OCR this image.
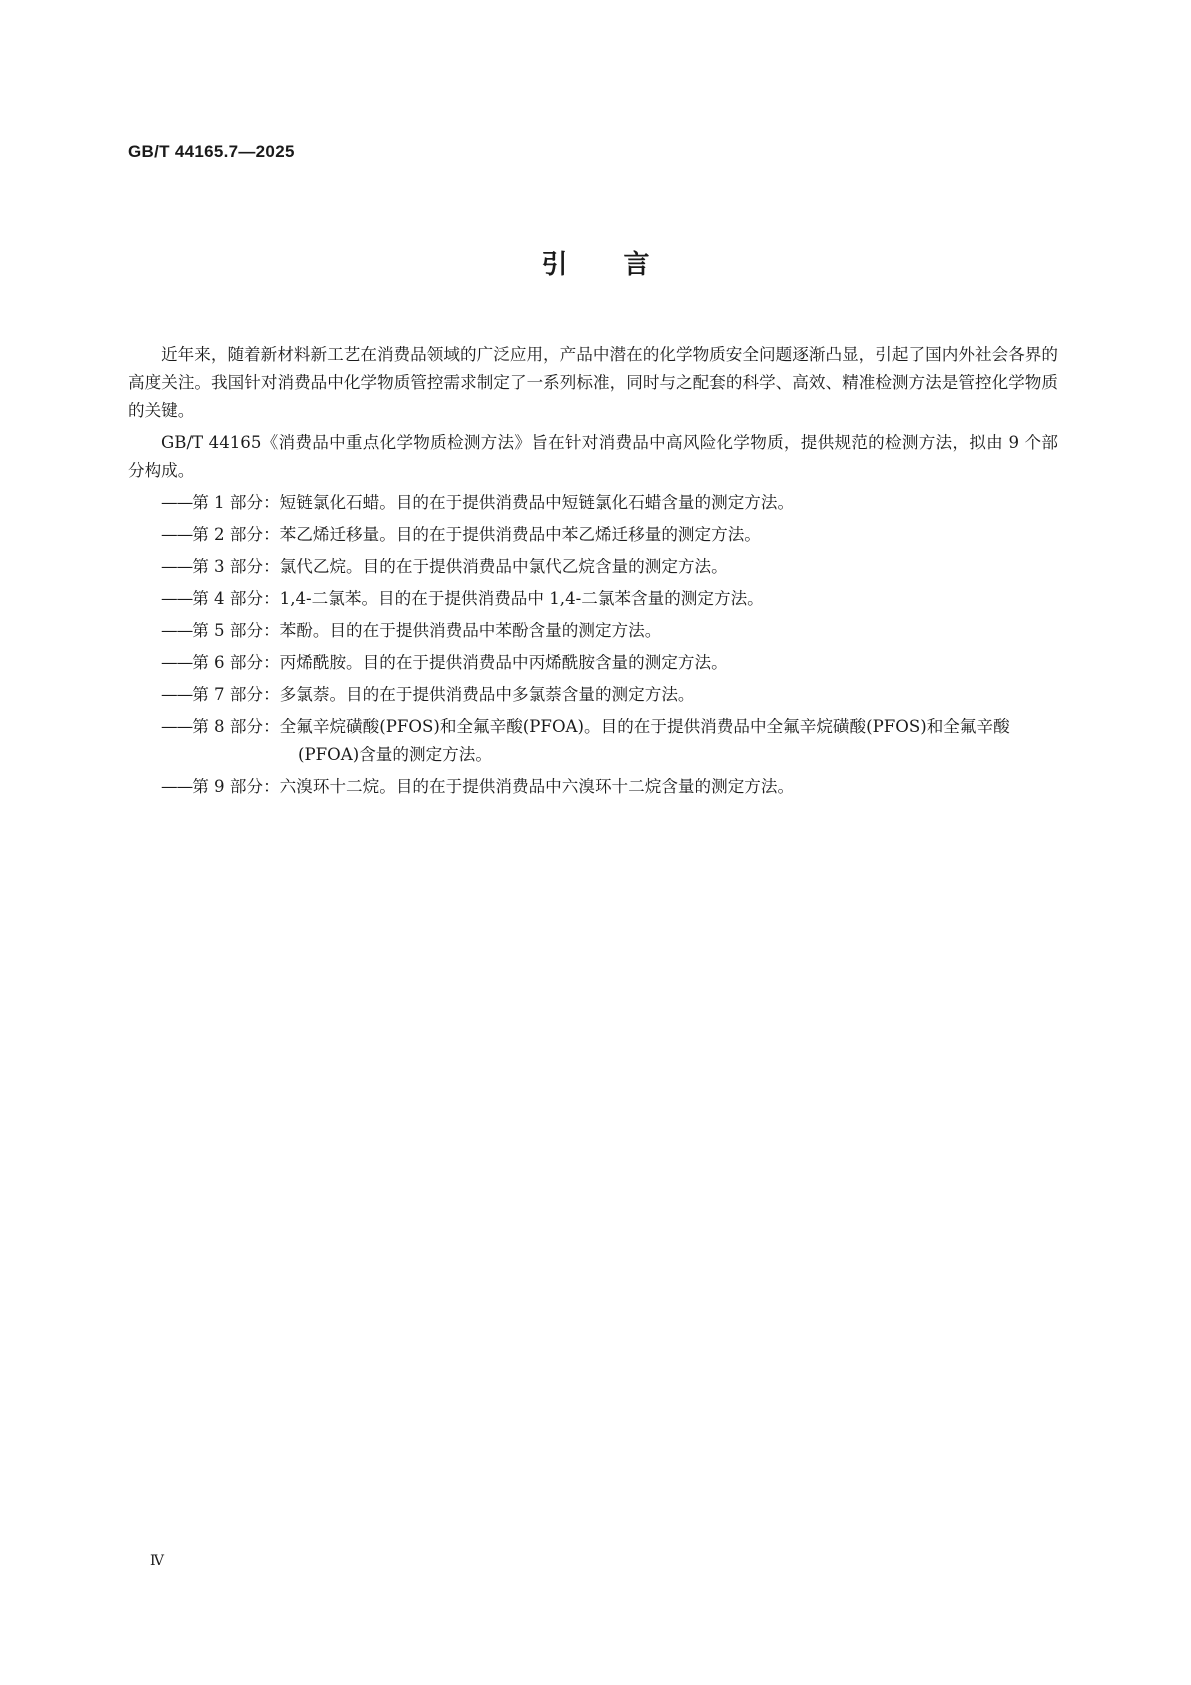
GB/T 44165.7—2025
引言

近年来，随着新材料新工艺在消费品领域的广泛应用，产品中潜在的化学物质安全问题逐渐凸显，引起了国内外社会各界的高度关注。我国针对消费品中化学物质管控需求制定了一系列标准，同时与之配套的科学、高效、精准检测方法是管控化学物质的关键。

GB/T 44165《消费品中重点化学物质检测方法》旨在针对消费品中高风险化学物质，提供规范的检测方法，拟由 9 个部分构成。

——第 1 部分：短链氯化石蜡。目的在于提供消费品中短链氯化石蜡含量的测定方法。

——第 2 部分：苯乙烯迁移量。目的在于提供消费品中苯乙烯迁移量的测定方法。

——第 3 部分：氯代乙烷。目的在于提供消费品中氯代乙烷含量的测定方法。

——第 4 部分：1,4-二氯苯。目的在于提供消费品中 1,4-二氯苯含量的测定方法。

——第 5 部分：苯酚。目的在于提供消费品中苯酚含量的测定方法。

——第 6 部分：丙烯酰胺。目的在于提供消费品中丙烯酰胺含量的测定方法。

——第 7 部分：多氯萘。目的在于提供消费品中多氯萘含量的测定方法。

——第 8 部分：全氟辛烷磺酸(PFOS)和全氟辛酸(PFOA)。目的在于提供消费品中全氟辛烷磺酸(PFOS)和全氟辛酸(PFOA)含量的测定方法。

——第 9 部分：六溴环十二烷。目的在于提供消费品中六溴环十二烷含量的测定方法。

Ⅳ
